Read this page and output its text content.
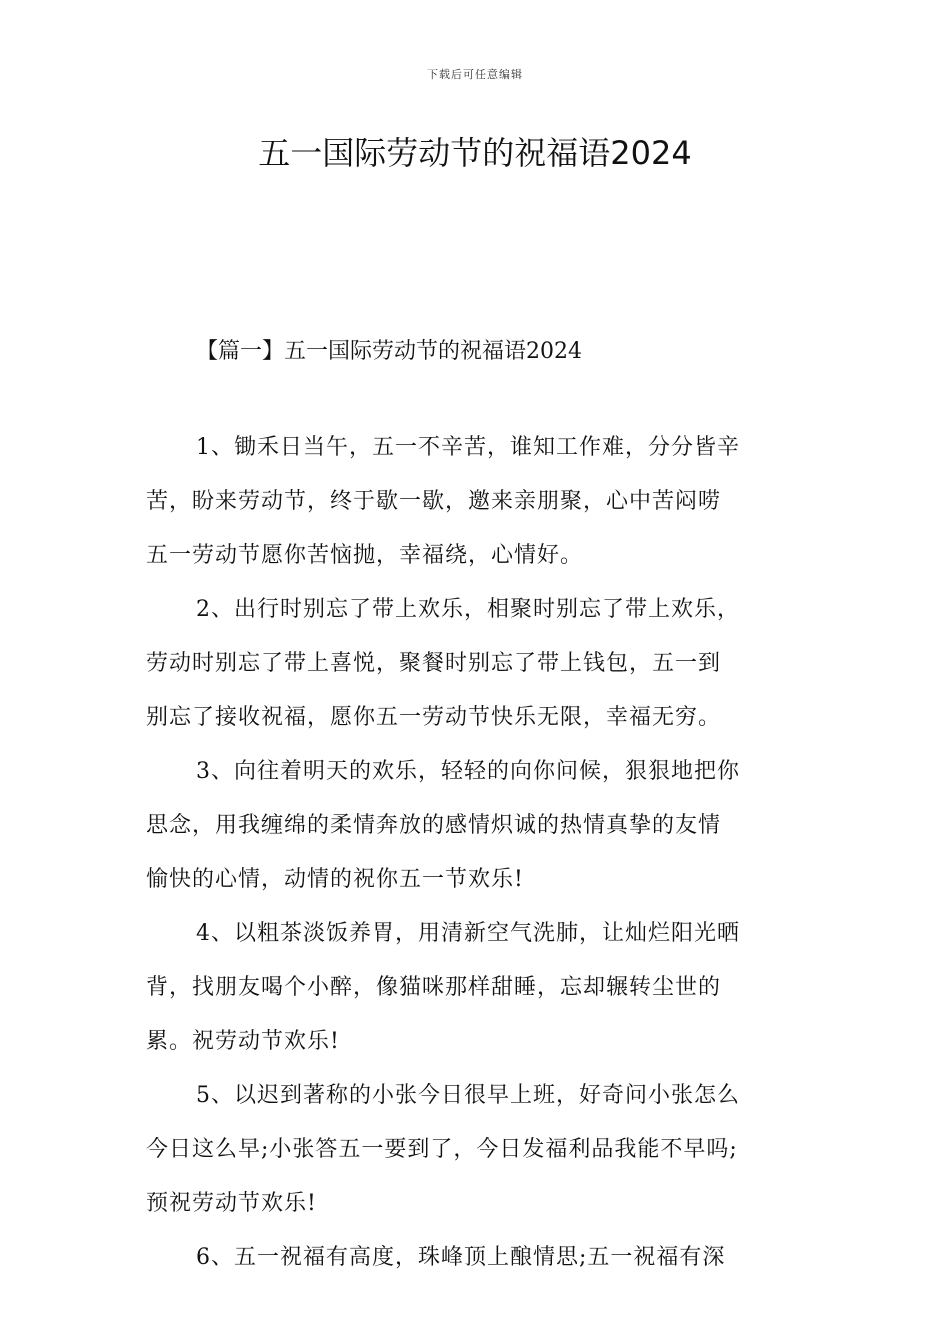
下载后可任意编辑
五一国际劳动节的祝福语2024

【篇一】五一国际劳动节的祝福语2024

1、锄禾日当午，五一不辛苦，谁知工作难，分分皆辛
苦，盼来劳动节，终于歇一歇，邀来亲朋聚，心中苦闷唠
五一劳动节愿你苦恼抛，幸福绕，心情好。
2、出行时别忘了带上欢乐，相聚时别忘了带上欢乐，
劳动时别忘了带上喜悦，聚餐时别忘了带上钱包，五一到
别忘了接收祝福，愿你五一劳动节快乐无限，幸福无穷。
3、向往着明天的欢乐，轻轻的向你问候，狠狠地把你
思念，用我缠绵的柔情奔放的感情炽诚的热情真挚的友情
愉快的心情，动情的祝你五一节欢乐!
4、以粗茶淡饭养胃，用清新空气洗肺，让灿烂阳光晒
背，找朋友喝个小醉，像猫咪那样甜睡，忘却辗转尘世的
累。祝劳动节欢乐!
5、以迟到著称的小张今日很早上班，好奇问小张怎么
今日这么早;小张答五一要到了，今日发福利品我能不早吗;
预祝劳动节欢乐!
6、五一祝福有高度，珠峰顶上酿情思;五一祝福有深
